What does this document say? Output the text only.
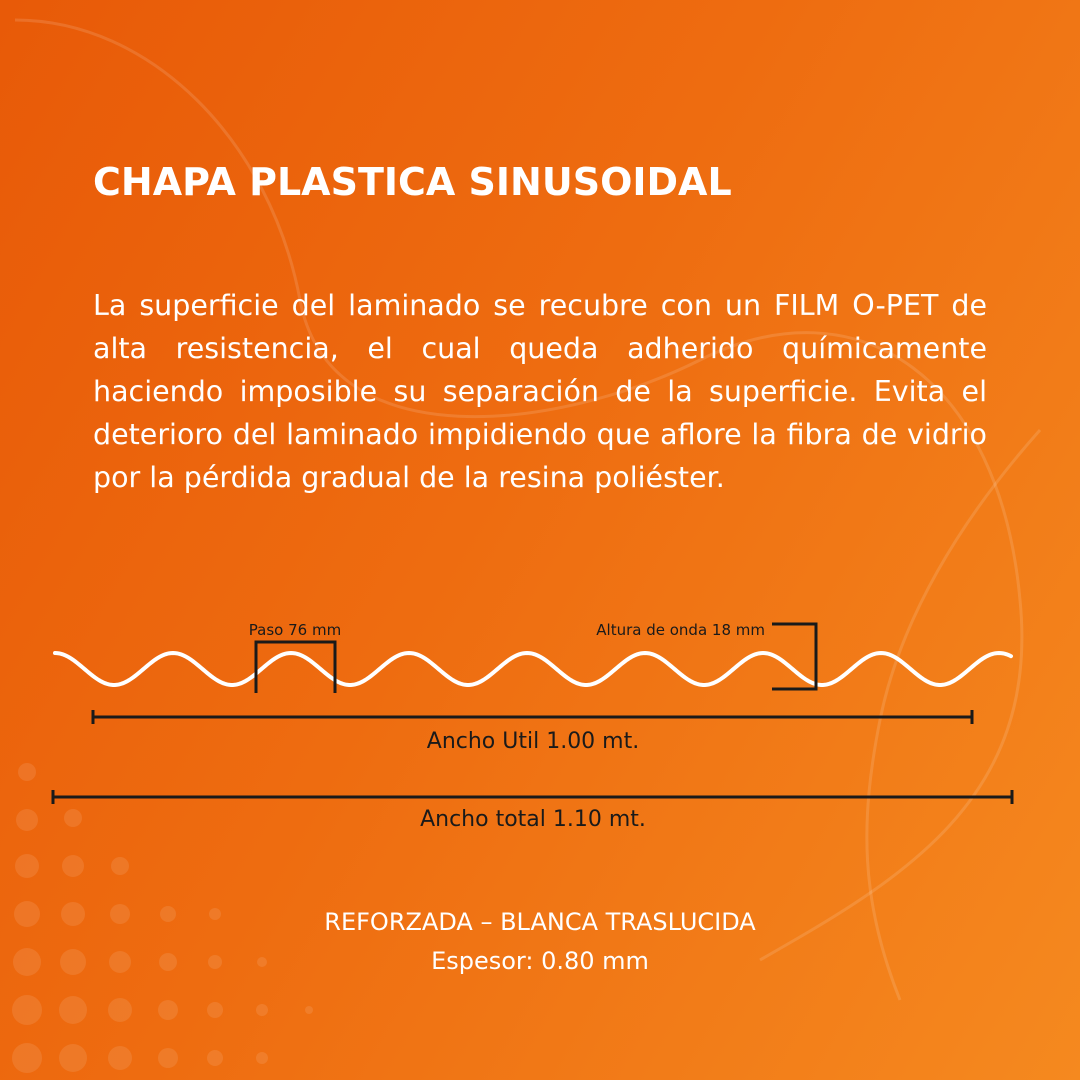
CHAPA PLASTICA SINUSOIDAL

La superficie del laminado se recubre con un FILM O-PET de alta resistencia, el cual queda adherido químicamente haciendo imposible su separación de la superficie. Evita el deterioro del laminado impidiendo que aflore la fibra de vidrio por la pérdida gradual de la resina poliéster.

Paso 76 mm	Altura de onda 18 mm
Ancho Util 1.00 mt.
Ancho total 1.10 mt.
REFORZADA – BLANCA TRASLUCIDA
Espesor: 0.80 mm
